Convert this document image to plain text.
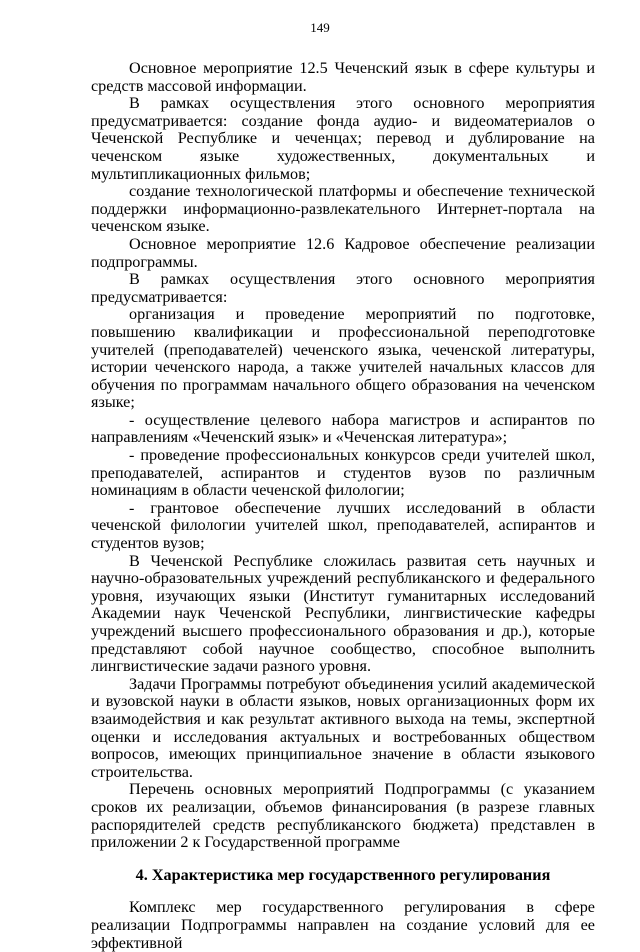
149

Основное мероприятие 12.5 Чеченский язык в сфере культуры и средств массовой информации.

В рамках осуществления этого основного мероприятия предусматривается: создание фонда аудио- и видеоматериалов о Чеченской Республике и чеченцах; перевод и дублирование на чеченском языке художественных, документальных и мультипликационных фильмов;

создание технологической платформы и обеспечение технической поддержки информационно-развлекательного Интернет-портала на чеченском языке.

Основное мероприятие 12.6 Кадровое обеспечение реализации подпрограммы.

В рамках осуществления этого основного мероприятия предусматривается:

организация и проведение мероприятий по подготовке, повышению квалификации и профессиональной переподготовке учителей (преподавателей) чеченского языка, чеченской литературы, истории чеченского народа, а также учителей начальных классов для обучения по программам начального общего образования на чеченском языке;

- осуществление целевого набора магистров и аспирантов по направлениям «Чеченский язык» и «Чеченская литература»;

- проведение профессиональных конкурсов среди учителей школ, преподавателей, аспирантов и студентов вузов по различным номинациям в области чеченской филологии;

- грантовое обеспечение лучших исследований в области чеченской филологии учителей школ, преподавателей, аспирантов и студентов вузов;

В Чеченской Республике сложилась развитая сеть научных и научно-образовательных учреждений республиканского и федерального уровня, изучающих языки (Институт гуманитарных исследований Академии наук Чеченской Республики, лингвистические кафедры учреждений высшего профессионального образования и др.), которые представляют собой научное сообщество, способное выполнить лингвистические задачи разного уровня.

Задачи Программы потребуют объединения усилий академической и вузовской науки в области языков, новых организационных форм их взаимодействия и как результат активного выхода на темы, экспертной оценки и исследования актуальных и востребованных обществом вопросов, имеющих принципиальное значение в области языкового строительства.

Перечень основных мероприятий Подпрограммы (с указанием сроков их реализации, объемов финансирования (в разрезе главных распорядителей средств республиканского бюджета) представлен в приложении 2 к Государственной программе

4. Характеристика мер государственного регулирования

Комплекс мер государственного регулирования в сфере реализации Подпрограммы направлен на создание условий для ее эффективной
